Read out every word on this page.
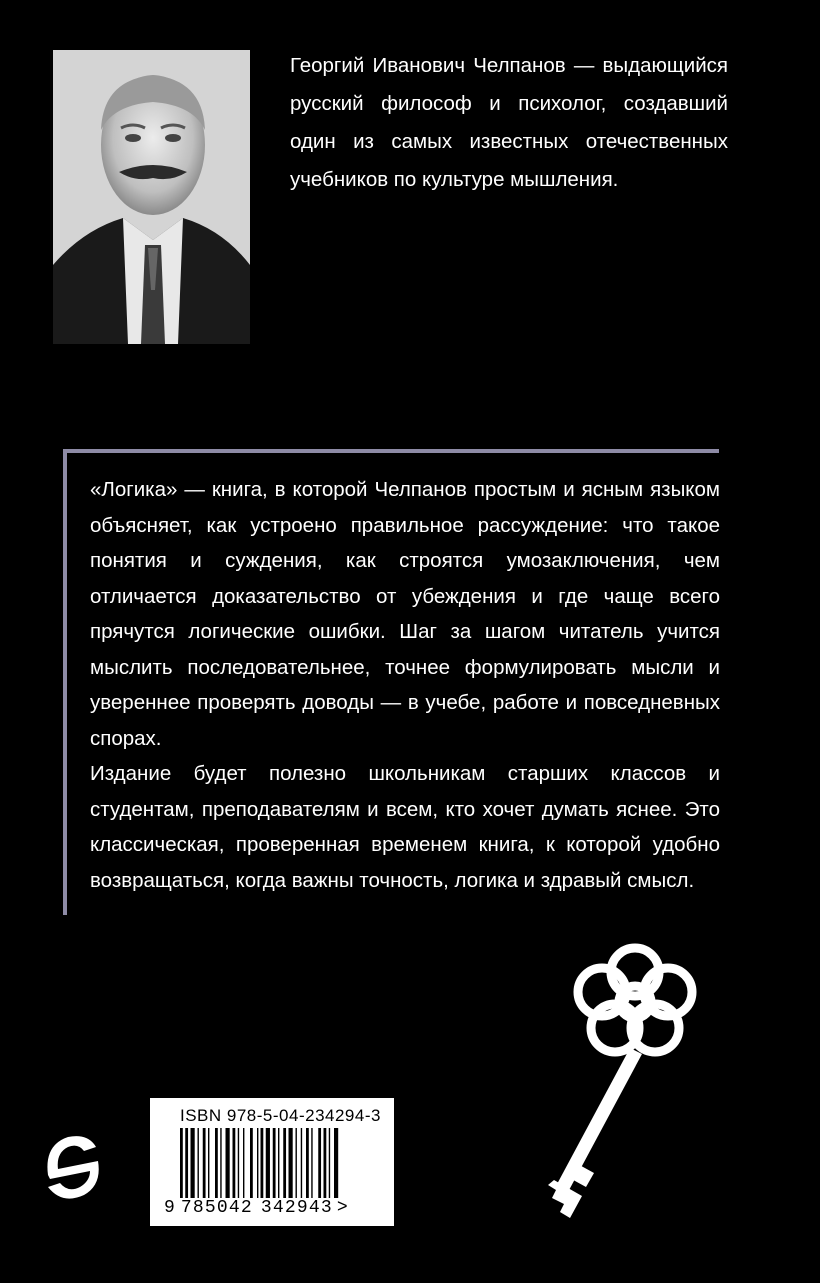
Георгий Иванович Челпанов — выдающийся русский философ и психолог, создавший один из самых известных отечественных учебников по культуре мышления.

«Логика» — книга, в которой Челпанов простым и ясным языком объясняет, как устроено правильное рассуждение: что такое понятия и суждения, как строятся умозаключения, чем отличается доказательство от убеждения и где чаще всего прячутся логические ошибки. Шаг за шагом читатель учится мыслить последовательнее, точнее формулировать мысли и увереннее проверять доводы — в учебе, работе и повседневных спорах.

Издание будет полезно школьникам старших классов и студентам, преподавателям и всем, кто хочет думать яснее. Это классическая, проверенная временем книга, к которой удобно возвращаться, когда важны точность, логика и здравый смысл.

ISBN 978-5-04-234294-3
9 785042 342943 >
